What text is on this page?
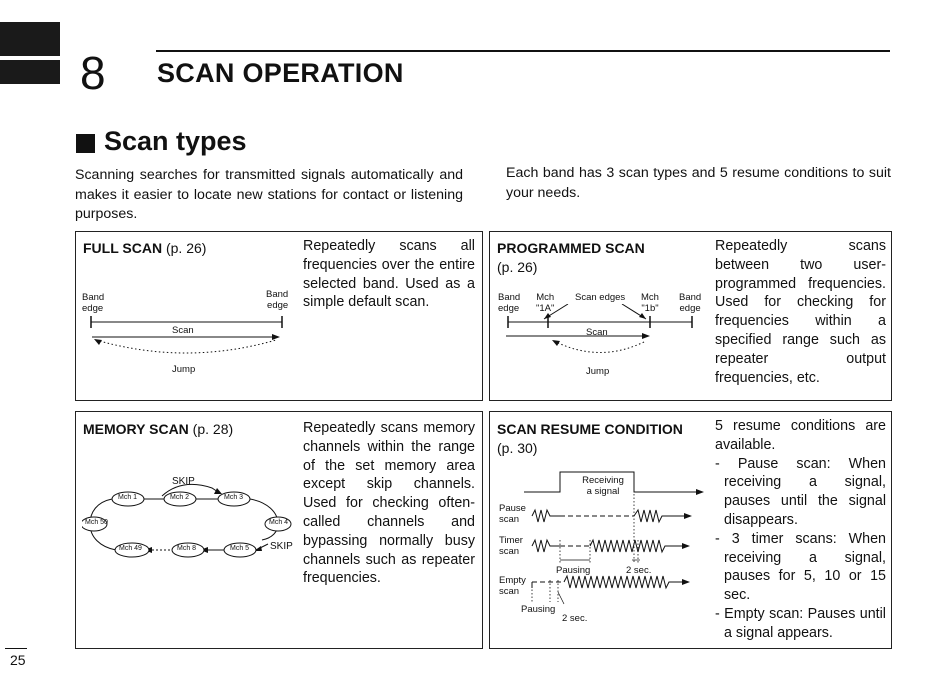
8 SCAN OPERATION
Scan types
Scanning searches for transmitted signals automatically and makes it easier to locate new stations for contact or listening purposes.
Each band has 3 scan types and 5 resume conditions to suit your needs.
FULL SCAN (p. 26)	Repeatedly scans all frequencies over the entire selected band. Used as a simple default scan.
Band
edge
Band
edge
Scan
Jump
PROGRAMMED SCAN
(p. 26)
Repeatedly scans between two user-programmed frequencies. Used for checking for frequencies within a specified range such as repeater output frequencies, etc.
Band
edge
Mch
"1A"
Scan edges Mch
"1b"
Band
edge
Scan
Jump
MEMORY SCAN (p. 28)	Repeatedly scans memory channels within the range of the set memory area except skip channels. Used for checking often-called channels and bypassing normally busy channels such as repeater frequencies.
SKIP
SKIP
Mch 1	Mch 2	Mch 3
Mch 4
Mch 5
Mch 8
Mch 49
Mch 50
SCAN RESUME CONDITION
(p. 30)
5 resume conditions are available.
- Pause scan: When receiving a signal, pauses until the signal disappears.
- 3 timer scans: When receiving a signal, pauses for 5, 10 or 15 sec.
- Empty scan: Pauses until a signal appears.
Receiving
a signal
Pause
scan
Timer
scan
Pausing	2 sec.
Empty
scan
Pausing
2 sec.
25
